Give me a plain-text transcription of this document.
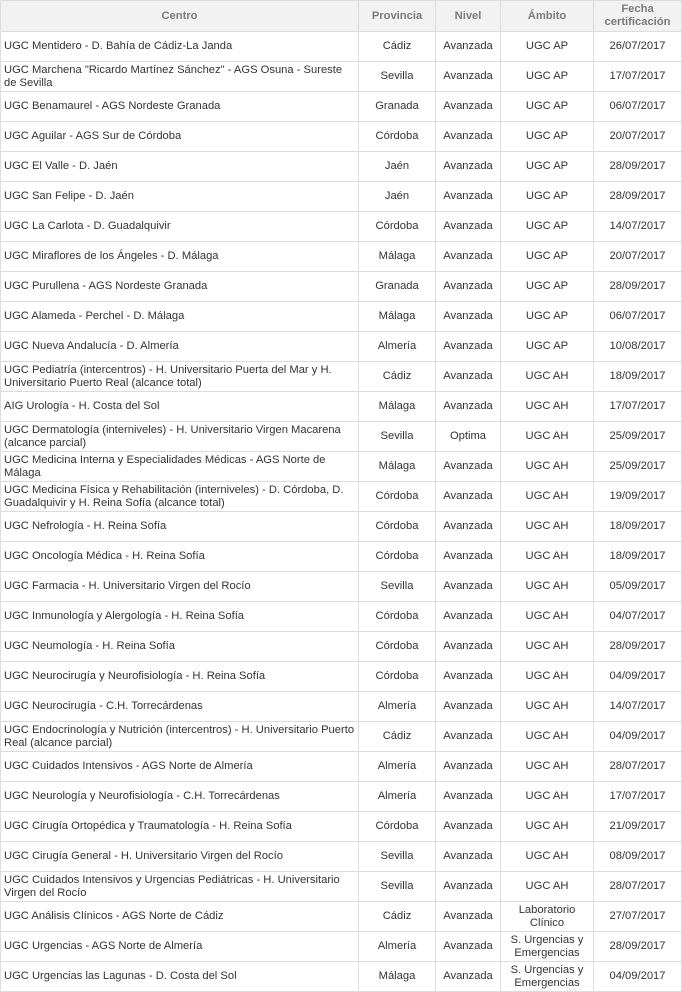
Centro	Provincia	Nivel	Ámbito	Fecha certificación
UGC Mentidero - D. Bahía de Cádiz-La Janda	Cádiz	Avanzada	UGC AP	26/07/2017
UGC Marchena "Ricardo Martínez Sánchez" - AGS Osuna - Sureste de Sevilla	Sevilla	Avanzada	UGC AP	17/07/2017
UGC Benamaurel - AGS Nordeste Granada	Granada	Avanzada	UGC AP	06/07/2017
UGC Aguilar - AGS Sur de Córdoba	Córdoba	Avanzada	UGC AP	20/07/2017
UGC El Valle - D. Jaén	Jaén	Avanzada	UGC AP	28/09/2017
UGC San Felipe - D. Jaén	Jaén	Avanzada	UGC AP	28/09/2017
UGC La Carlota - D. Guadalquivir	Córdoba	Avanzada	UGC AP	14/07/2017
UGC Miraflores de los Ángeles - D. Málaga	Málaga	Avanzada	UGC AP	20/07/2017
UGC Purullena - AGS Nordeste Granada	Granada	Avanzada	UGC AP	28/09/2017
UGC Alameda - Perchel - D. Málaga	Málaga	Avanzada	UGC AP	06/07/2017
UGC Nueva Andalucía - D. Almería	Almería	Avanzada	UGC AP	10/08/2017
UGC Pediatría (intercentros) - H. Universitario Puerta del Mar y H. Universitario Puerto Real (alcance total)	Cádiz	Avanzada	UGC AH	18/09/2017
AIG Urología - H. Costa del Sol	Málaga	Avanzada	UGC AH	17/07/2017
UGC Dermatología (interniveles) - H. Universitario Virgen Macarena (alcance parcial)	Sevilla	Optima	UGC AH	25/09/2017
UGC Medicina Interna y Especialidades Médicas - AGS Norte de Málaga	Málaga	Avanzada	UGC AH	25/09/2017
UGC Medicina Física y Rehabilitación (interniveles) - D. Córdoba, D. Guadalquivir y H. Reina Sofía (alcance total)	Córdoba	Avanzada	UGC AH	19/09/2017
UGC Nefrología - H. Reina Sofía	Córdoba	Avanzada	UGC AH	18/09/2017
UGC Oncología Médica - H. Reina Sofía	Córdoba	Avanzada	UGC AH	18/09/2017
UGC Farmacia - H. Universitario Virgen del Rocío	Sevilla	Avanzada	UGC AH	05/09/2017
UGC Inmunología y Alergología - H. Reina Sofía	Córdoba	Avanzada	UGC AH	04/07/2017
UGC Neumología - H. Reina Sofía	Córdoba	Avanzada	UGC AH	28/09/2017
UGC Neurocirugía y Neurofisiología - H. Reina Sofía	Córdoba	Avanzada	UGC AH	04/09/2017
UGC Neurocirugía - C.H. Torrecárdenas	Almería	Avanzada	UGC AH	14/07/2017
UGC Endocrinología y Nutrición (intercentros) - H. Universitario Puerto Real (alcance parcial)	Cádiz	Avanzada	UGC AH	04/09/2017
UGC Cuidados Intensivos - AGS Norte de Almería	Almería	Avanzada	UGC AH	28/07/2017
UGC Neurología y Neurofisiología - C.H. Torrecárdenas	Almería	Avanzada	UGC AH	17/07/2017
UGC Cirugía Ortopédica y Traumatología - H. Reina Sofía	Córdoba	Avanzada	UGC AH	21/09/2017
UGC Cirugía General - H. Universitario Virgen del Rocío	Sevilla	Avanzada	UGC AH	08/09/2017
UGC Cuidados Intensivos y Urgencias Pediátricas - H. Universitario Virgen del Rocío	Sevilla	Avanzada	UGC AH	28/07/2017
UGC Análisis Clínicos - AGS Norte de Cádiz	Cádiz	Avanzada	Laboratorio Clínico	27/07/2017
UGC Urgencias - AGS Norte de Almería	Almería	Avanzada	S. Urgencias y Emergencias	28/09/2017
UGC Urgencias las Lagunas - D. Costa del Sol	Málaga	Avanzada	S. Urgencias y Emergencias	04/09/2017
